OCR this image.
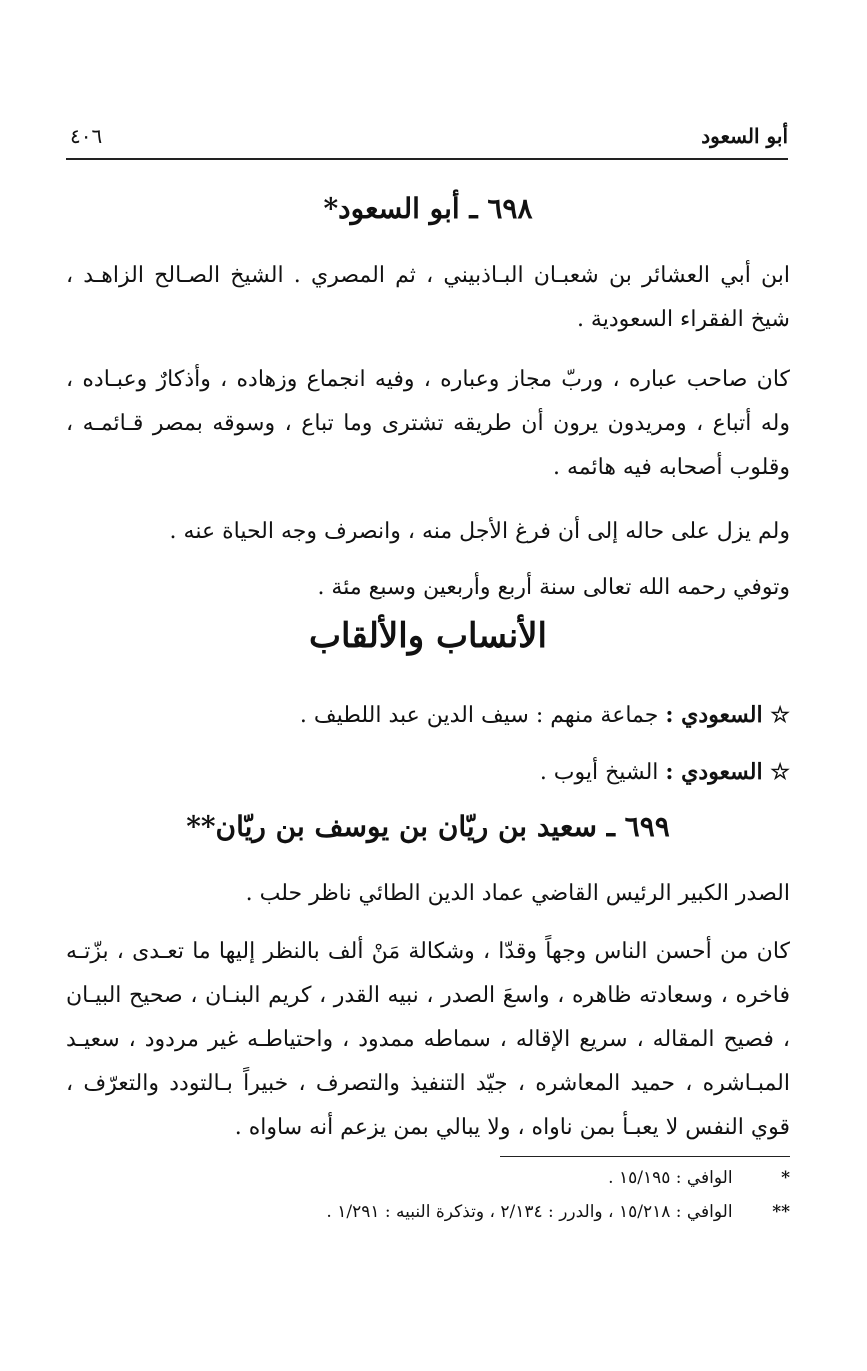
أبو السعود
٤٠٦
٦٩٨ ـ أبو السعود*
ابن أبي العشائر بن شعبـان البـاذبيني ، ثم المصري . الشيخ الصـالح الزاهـد ، شيخ الفقراء السعودية .
كان صاحب عباره ، وربّ مجاز وعباره ، وفيه انجماع وزهاده ، وأذكارٌ وعبـاده ، وله أتباع ، ومريدون يرون أن طريقه تشترى وما تباع ، وسوقه بمصر قـائمـه ، وقلوب أصحابه فيه هائمه .
ولم يزل على حاله إلى أن فرغ الأجل منه ، وانصرف وجه الحياة عنه .
وتوفي رحمه الله تعالى سنة أربع وأربعين وسبع مئة .
الأنساب والألقاب
☆ السعودي : جماعة منهم : سيف الدين عبد اللطيف .
☆ السعودي : الشيخ أيوب .
٦٩٩ ـ سعيد بن ريّان بن يوسف بن ريّان**
الصدر الكبير الرئيس القاضي عماد الدين الطائي ناظر حلب .
كان من أحسن الناس وجهاً وقدّا ، وشكالة مَنْ ألف بالنظر إليها ما تعـدى ، بزّتـه فاخره ، وسعادته ظاهره ، واسعَ الصدر ، نبيه القدر ، كريم البنـان ، صحيح البيـان ، فصيح المقاله ، سريع الإقاله ، سماطه ممدود ، واحتياطـه غير مردود ، سعيـد المبـاشره ، حميد المعاشره ، جيّد التنفيذ والتصرف ، خبيراً بـالتودد والتعرّف ، قوي النفس لا يعبـأ بمن ناواه ، ولا يبالي بمن يزعم أنه ساواه .
* الوافي : ١٥/١٩٥ .
** الوافي : ١٥/٢١٨ ، والدرر : ٢/١٣٤ ، وتذكرة النبيه : ١/٢٩١ .
